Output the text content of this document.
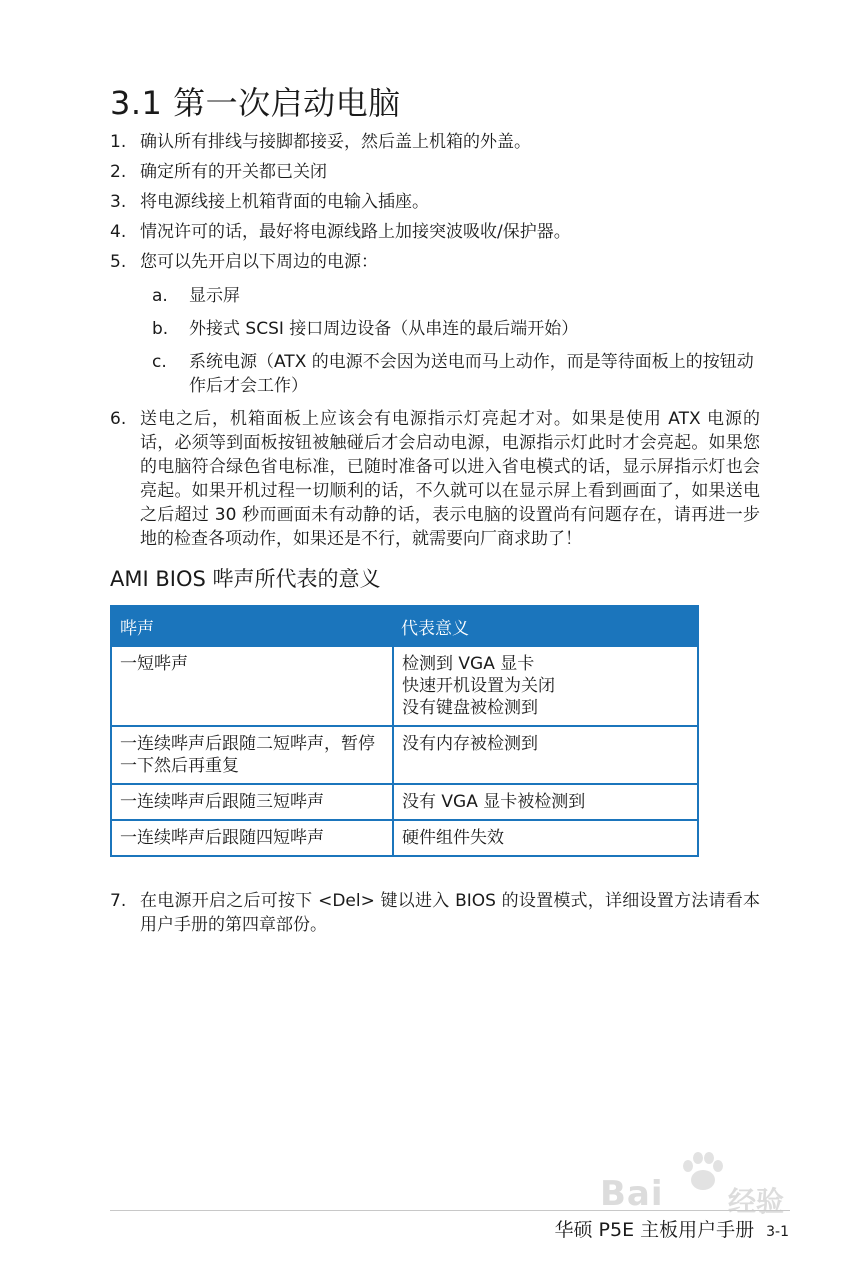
3.1 第一次启动电脑
1. 确认所有排线与接脚都接妥，然后盖上机箱的外盖。
2. 确定所有的开关都已关闭
3. 将电源线接上机箱背面的电输入插座。
4. 情况许可的话，最好将电源线路上加接突波吸收/保护器。
5. 您可以先开启以下周边的电源：
a. 显示屏
b. 外接式 SCSI 接口周边设备（从串连的最后端开始）
c. 系统电源（ATX 的电源不会因为送电而马上动作，而是等待面板上的按钮动作后才会工作）
6. 送电之后，机箱面板上应该会有电源指示灯亮起才对。如果是使用 ATX 电源的话，必须等到面板按钮被触碰后才会启动电源，电源指示灯此时才会亮起。如果您的电脑符合绿色省电标准，已随时准备可以进入省电模式的话，显示屏指示灯也会亮起。如果开机过程一切顺利的话，不久就可以在显示屏上看到画面了，如果送电之后超过 30 秒而画面未有动静的话，表示电脑的设置尚有问题存在，请再进一步地的检查各项动作，如果还是不行，就需要向厂商求助了！
AMI BIOS 哔声所代表的意义
哔声	代表意义
一短哔声	检测到 VGA 显卡
快速开机设置为关闭
没有键盘被检测到

一连续哔声后跟随二短哔声，暂停一下然后再重复	没有内存被检测到

一连续哔声后跟随三短哔声	没有 VGA 显卡被检测到

一连续哔声后跟随四短哔声	硬件组件失效
7. 在电源开启之后可按下 <Del> 键以进入 BIOS 的设置模式，详细设置方法请看本用户手册的第四章部份。
Bai 经验
华硕 P5E 主板用户手册 3-1
